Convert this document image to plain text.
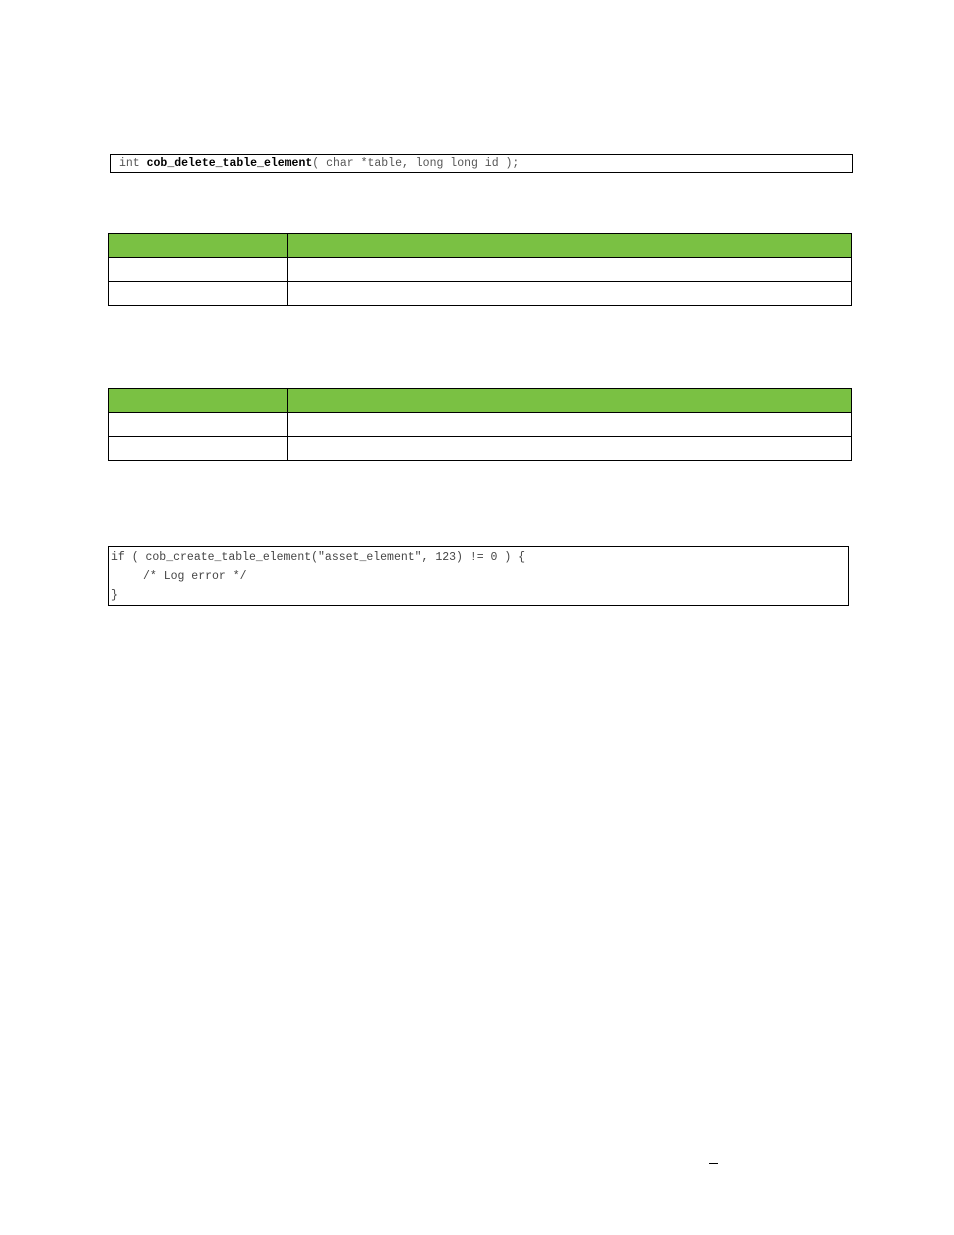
int cob_delete_table_element( char *table, long long id );

if ( cob_create_table_element("asset_element", 123) != 0 ) {
/* Log error */
}
